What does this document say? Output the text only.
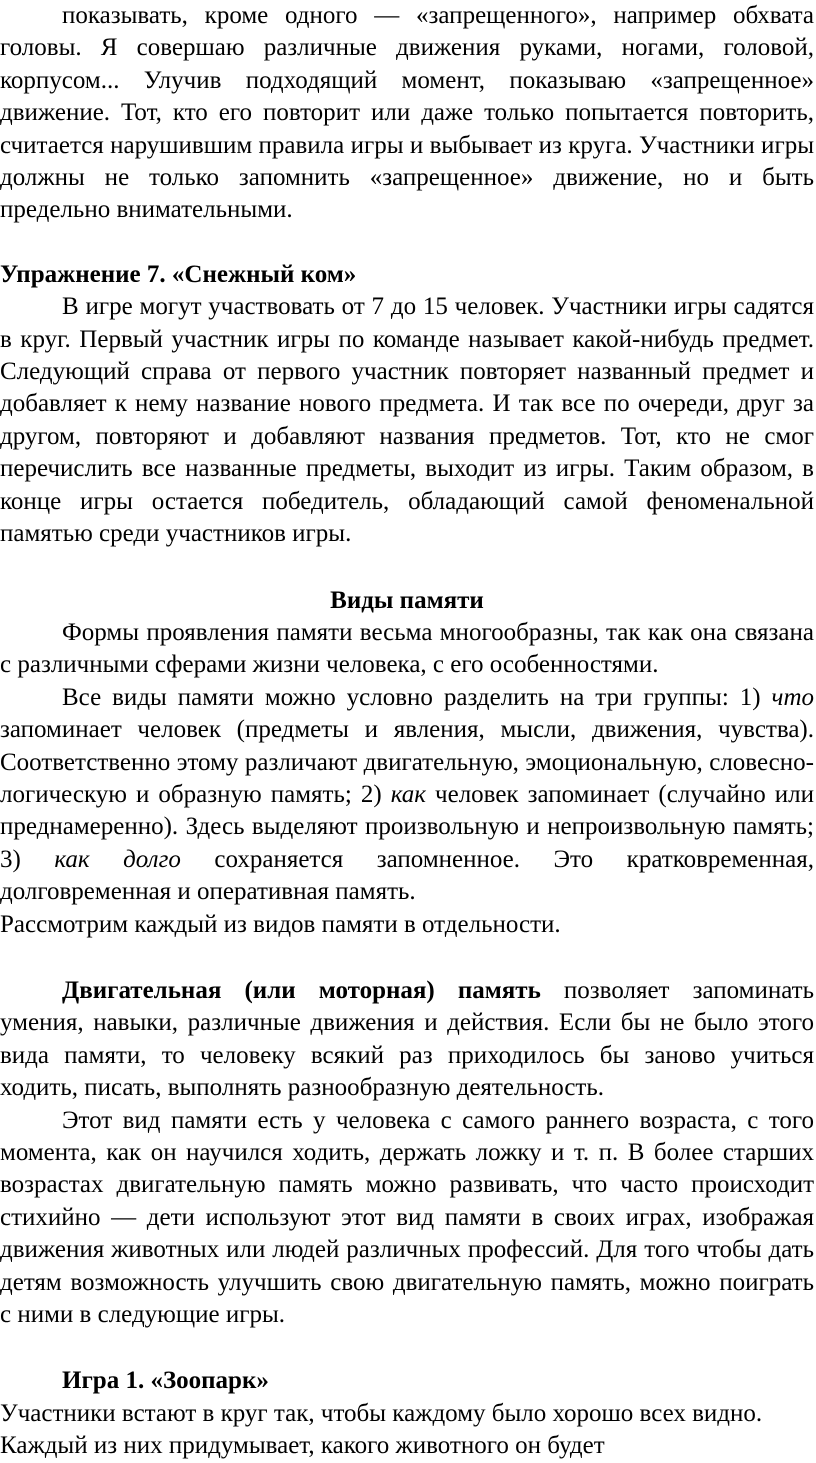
показывать, кроме одного — «запрещенного», например обхвата головы. Я совершаю различные движения руками, ногами, головой, корпусом... Улучив подходящий момент, показываю «запрещенное» движение. Тот, кто его повторит или даже только попытается повторить, считается нарушившим правила игры и выбывает из круга. Участники игры должны не только запомнить «запрещенное» движение, но и быть предельно внимательными.

Упражнение 7. «Снежный ком»

В игре могут участвовать от 7 до 15 человек. Участники игры садятся в круг. Первый участник игры по команде называет какой-нибудь предмет. Следующий справа от первого участник повторяет названный предмет и добавляет к нему название нового предмета. И так все по очереди, друг за другом, повторяют и добавляют названия предметов. Тот, кто не смог перечислить все названные предметы, выходит из игры. Таким образом, в конце игры остается победитель, обладающий самой феноменальной памятью среди участников игры.

Виды памяти

Формы проявления памяти весьма многообразны, так как она связана с различными сферами жизни человека, с его особенностями.

Все виды памяти можно условно разделить на три группы: 1) что запоминает человек (предметы и явления, мысли, движения, чувства). Соответственно этому различают двигательную, эмоциональную, словесно-логическую и образную память; 2) как человек запоминает (случайно или преднамеренно). Здесь выделяют произвольную и непроизвольную память; 3) как долго сохраняется запомненное. Это кратковременная, долговременная и оперативная память.

Рассмотрим каждый из видов памяти в отдельности.

Двигательная (или моторная) память позволяет запоминать умения, навыки, различные движения и действия. Если бы не было этого вида памяти, то человеку всякий раз приходилось бы заново учиться ходить, писать, выполнять разнообразную деятельность.

Этот вид памяти есть у человека с самого раннего возраста, с того момента, как он научился ходить, держать ложку и т. п. В более старших возрастах двигательную память можно развивать, что часто происходит стихийно — дети используют этот вид памяти в своих играх, изображая движения животных или людей различных профессий. Для того чтобы дать детям возможность улучшить свою двигательную память, можно поиграть с ними в следующие игры.

Игра 1. «Зоопарк»

Участники встают в круг так, чтобы каждому было хорошо всех видно.

Каждый из них придумывает, какого животного он будет
